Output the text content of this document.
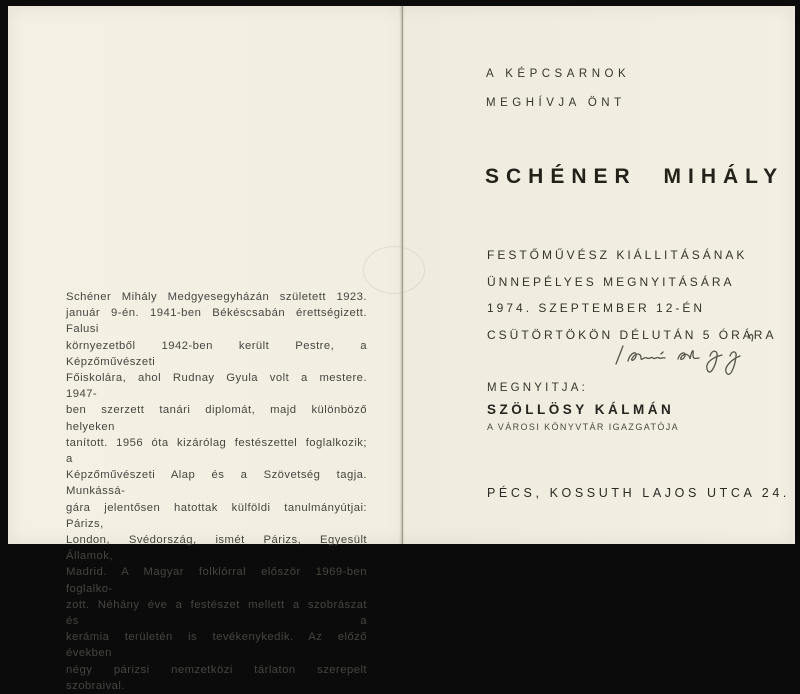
Schéner Mihály Medgyesegyházán született 1923.
január 9-én. 1941-ben Békéscsabán érettségizett. Falusi
környezetből 1942-ben került Pestre, a Képzőművészeti
Főiskolára, ahol Rudnay Gyula volt a mestere. 1947-
ben szerzett tanári diplomát, majd különböző helyeken
tanított. 1956 óta kizárólag festészettel foglalkozik; a
Képzőművészeti Alap és a Szövetség tagja. Munkássá-
gára jelentősen hatottak külföldi tanulmányútjai: Párizs,
London, Svédország, ismét Párizs, Egyesült Államok,
Madrid. A Magyar folklórral először 1969-ben foglalko-
zott. Néhány éve a festészet mellett a szobrászat és a
kerámia területén is tevékenykedik. Az előző években
négy párizsi nemzetközi tárlaton szerepelt szobraival.
A KÉPCSARNOK
MEGHÍVJA ÖNT
SCHÉNER MIHÁLY
FESTŐMŰVÉSZ KIÁLLITÁSÁNAK
ÜNNEPÉLYES MEGNYITÁSÁRA
1974. SZEPTEMBER 12-ÉN
CSÜTÖRTÖKÖN DÉLUTÁN 5 ÓRÁRA
MEGNYITJA:
SZÖLLÖSY KÁLMÁN
A VÁROSI KÖNYVTÁR IGAZGATÓJA
PÉCS, KOSSUTH LAJOS UTCA 24.
